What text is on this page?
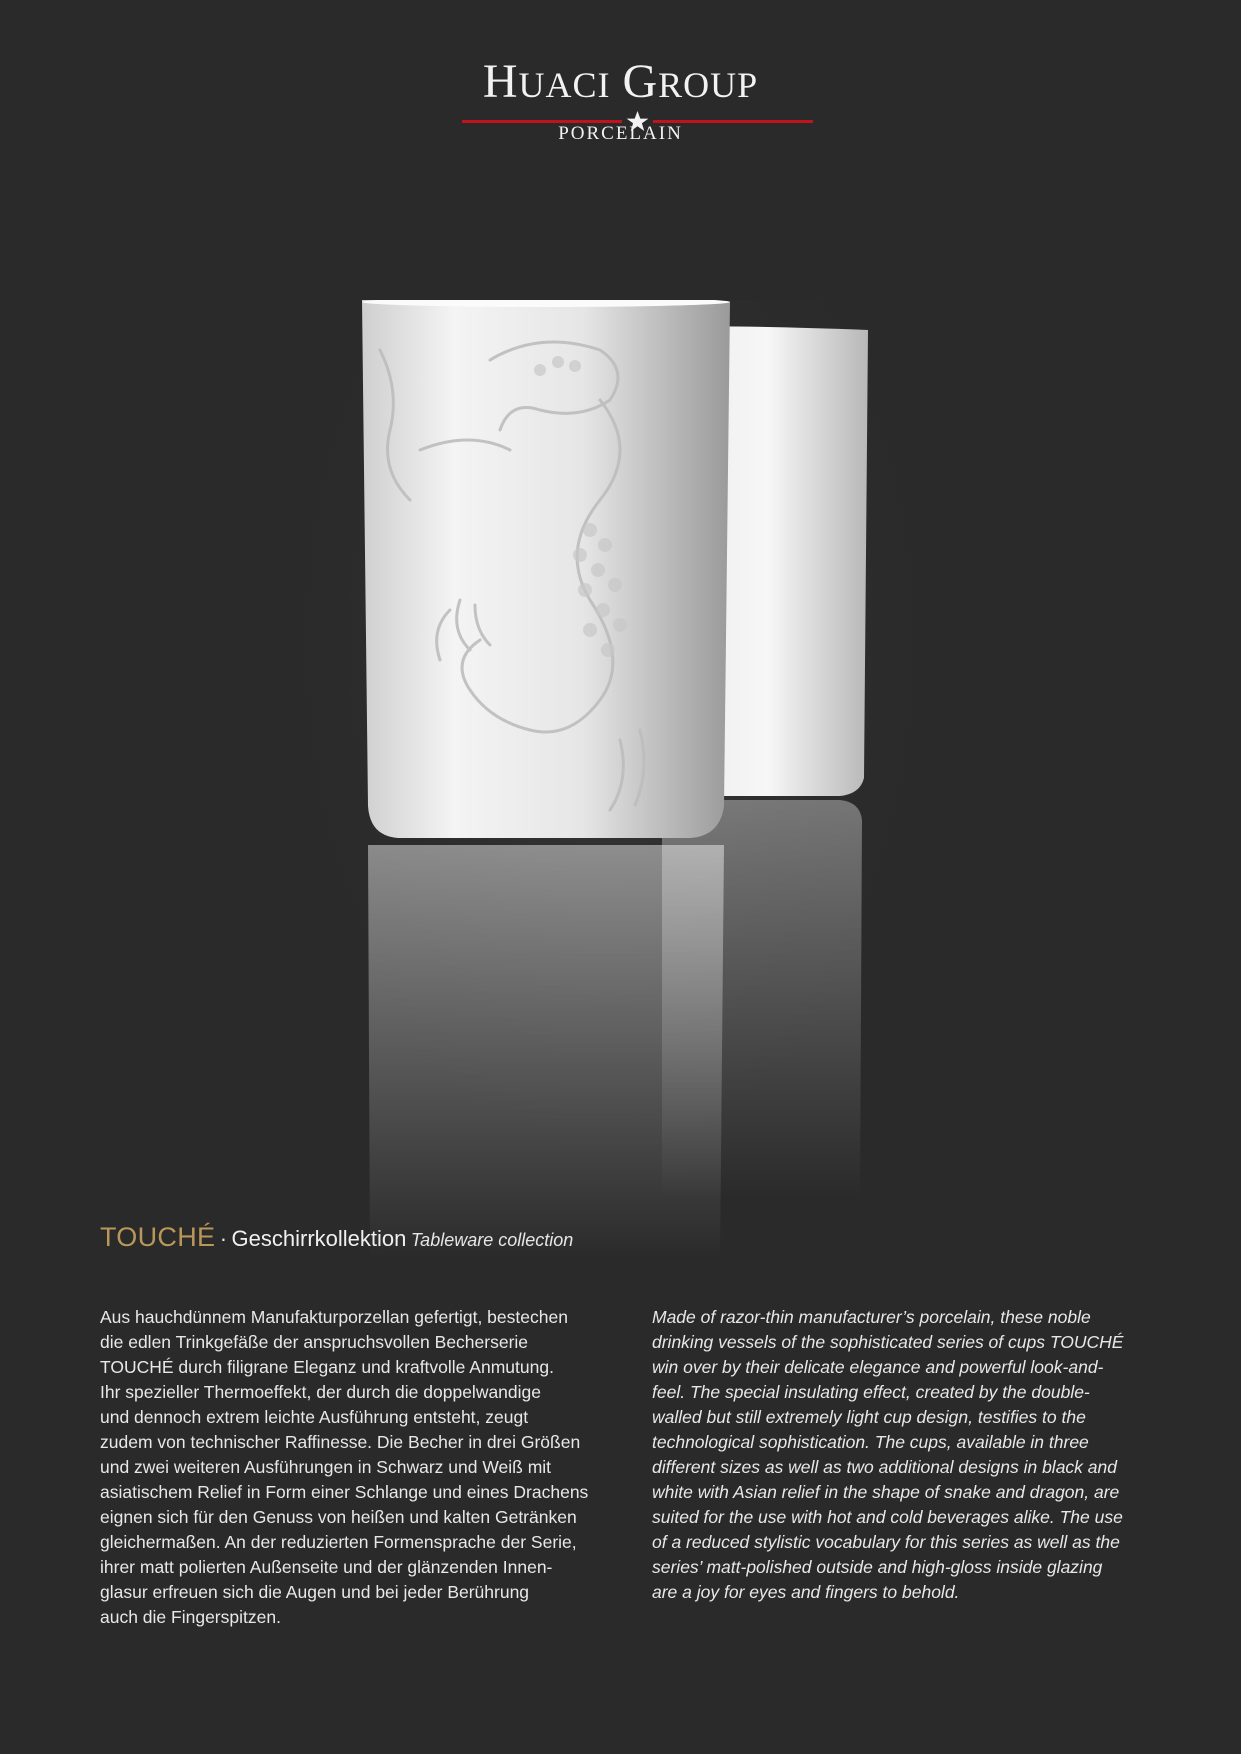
HUACI GROUP
PORCELAIN
TOUCHÉ · Geschirrkollektion Tableware collection
Aus hauchdünnem Manufakturporzellan gefertigt, bestechen
die edlen Trinkgefäße der anspruchsvollen Becherserie
TOUCHÉ durch filigrane Eleganz und kraftvolle Anmutung.
Ihr spezieller Thermoeffekt, der durch die doppelwandige
und dennoch extrem leichte Ausführung entsteht, zeugt
zudem von technischer Raffinesse. Die Becher in drei Größen
und zwei weiteren Ausführungen in Schwarz und Weiß mit
asiatischem Relief in Form einer Schlange und eines Drachens
eignen sich für den Genuss von heißen und kalten Getränken
gleichermaßen. An der reduzierten Formensprache der Serie,
ihrer matt polierten Außenseite und der glänzenden Innen-
glasur erfreuen sich die Augen und bei jeder Berührung
auch die Fingerspitzen.
Made of razor-thin manufacturer’s porcelain, these noble
drinking vessels of the sophisticated series of cups TOUCHÉ
win over by their delicate elegance and powerful look-and-
feel. The special insulating effect, created by the double-
walled but still extremely light cup design, testifies to the
technological sophistication. The cups, available in three
different sizes as well as two additional designs in black and
white with Asian relief in the shape of snake and dragon, are
suited for the use with hot and cold beverages alike. The use
of a reduced stylistic vocabulary for this series as well as the
series’ matt-polished outside and high-gloss inside glazing
are a joy for eyes and fingers to behold.
